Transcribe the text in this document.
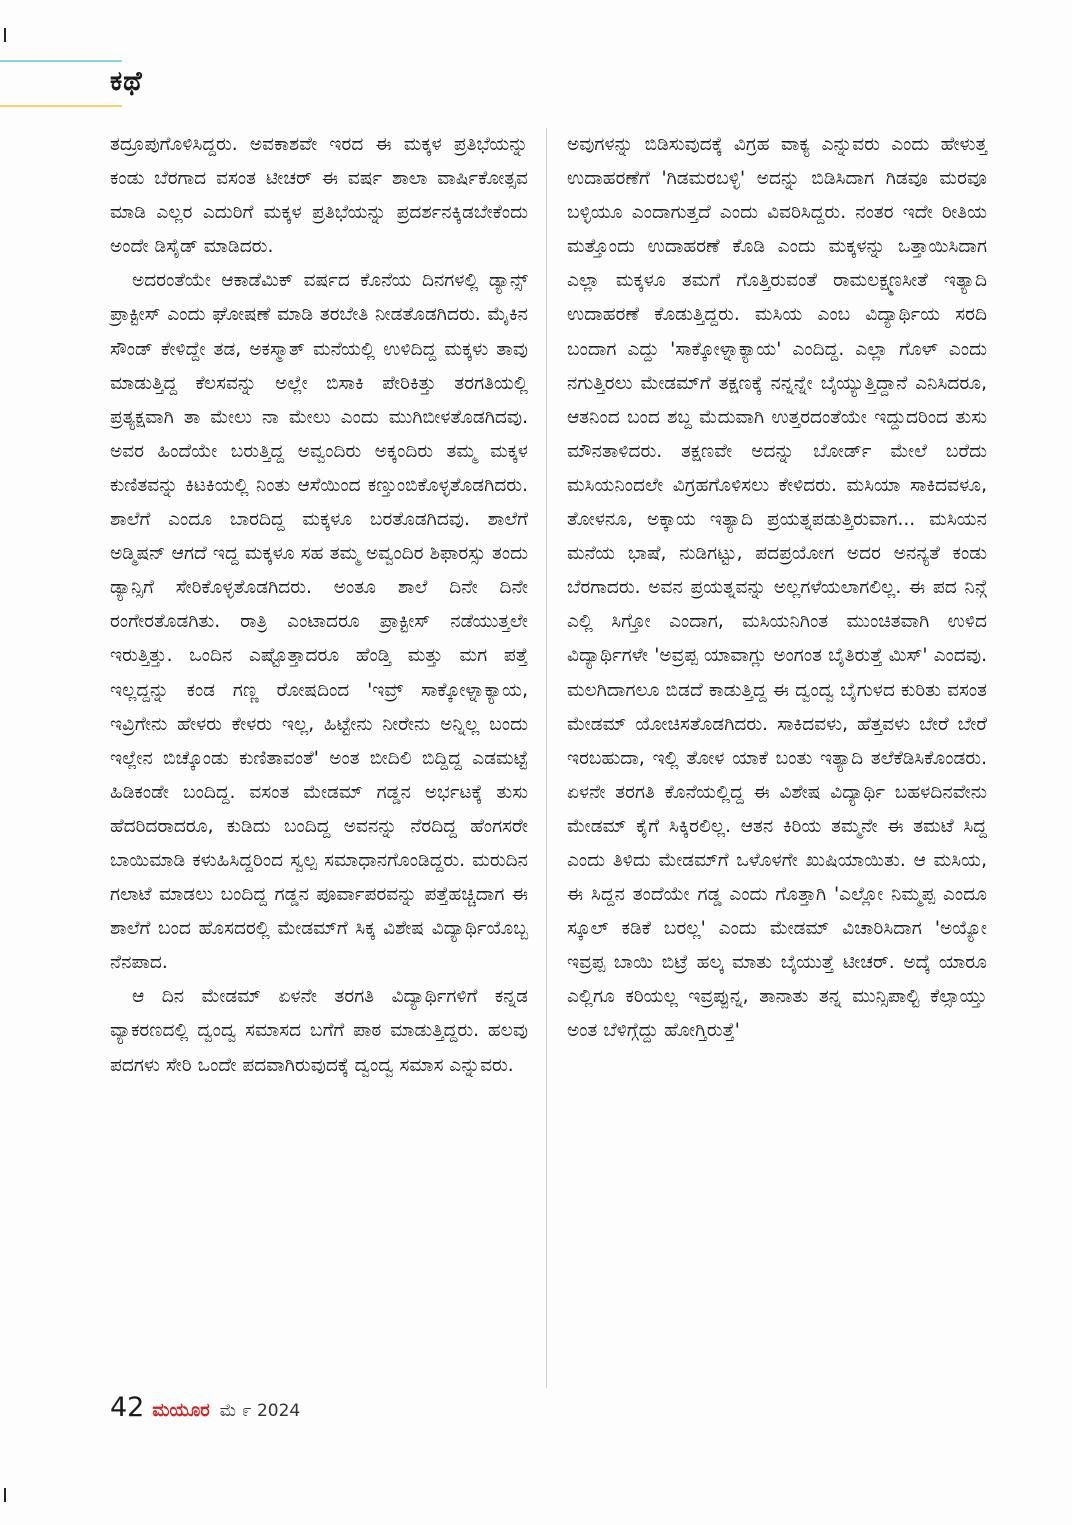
ಕಥೆ

ತದ್ರೂಪುಗೊಳಿಸಿದ್ದರು. ಅವಕಾಶವೇ ಇರದ ಈ ಮಕ್ಕಳ ಪ್ರತಿಭೆಯನ್ನು ಕಂಡು ಬೆರಗಾದ ವಸಂತ ಟೀಚರ್ ಈ ವರ್ಷ ಶಾಲಾ ವಾರ್ಷಿಕೋತ್ಸವ ಮಾಡಿ ಎಲ್ಲರ ಎದುರಿಗೆ ಮಕ್ಕಳ ಪ್ರತಿಭೆಯನ್ನು ಪ್ರದರ್ಶನಕ್ಕಿಡಬೇಕೆಂದು ಅಂದೇ ಡಿಸೈಡ್ ಮಾಡಿದರು.

ಅದರಂತೆಯೇ ಆಕಾಡೆಮಿಕ್ ವರ್ಷದ ಕೊನೆಯ ದಿನಗಳಲ್ಲಿ ಡ್ಯಾನ್ಸ್ ಪ್ರಾಕ್ಟೀಸ್ ಎಂದು ಘೋಷಣೆ ಮಾಡಿ ತರಬೇತಿ ನೀಡತೊಡಗಿದರು. ಮೈಕಿನ ಸೌಂಡ್ ಕೇಳಿದ್ದೇ ತಡ, ಅಕಸ್ಮಾತ್ ಮನೆಯಲ್ಲಿ ಉಳಿದಿದ್ದ ಮಕ್ಕಳು ತಾವು ಮಾಡುತ್ತಿದ್ದ ಕೆಲಸವನ್ನು ಅಲ್ಲೇ ಬಿಸಾಕಿ ಪೇರಿಕಿತ್ತು ತರಗತಿಯಲ್ಲಿ ಪ್ರತ್ಯಕ್ಷವಾಗಿ ತಾ ಮೇಲು ನಾ ಮೇಲು ಎಂದು ಮುಗಿಬೀಳತೊಡಗಿದವು. ಅವರ ಹಿಂದೆಯೇ ಬರುತ್ತಿದ್ದ ಅವ್ವಂದಿರು ಅಕ್ಕಂದಿರು ತಮ್ಮ ಮಕ್ಕಳ ಕುಣಿತವನ್ನು ಕಿಟಕಿಯಲ್ಲಿ ನಿಂತು ಆಸೆಯಿಂದ ಕಣ್ತುಂಬಿಕೊಳ್ಳತೊಡಗಿದರು. ಶಾಲೆಗೆ ಎಂದೂ ಬಾರದಿದ್ದ ಮಕ್ಕಳೂ ಬರತೊಡಗಿದವು. ಶಾಲೆಗೆ ಅಡ್ಮಿಷನ್ ಆಗದೆ ಇದ್ದ ಮಕ್ಕಳೂ ಸಹ ತಮ್ಮ ಅವ್ವಂದಿರ ಶಿಫಾರಸ್ಸು ತಂದು ಡ್ಯಾನ್ಸಿಗೆ ಸೇರಿಕೊಳ್ಳತೊಡಗಿದರು. ಅಂತೂ ಶಾಲೆ ದಿನೇ ದಿನೇ ರಂಗೇರತೊಡಗಿತು. ರಾತ್ರಿ ಎಂಟಾದರೂ ಪ್ರಾಕ್ಟೀಸ್ ನಡೆಯುತ್ತಲೇ ಇರುತ್ತಿತ್ತು. ಒಂದಿನ ಎಷ್ಟೊತ್ತಾದರೂ ಹೆಂಡ್ತಿ ಮತ್ತು ಮಗ ಪತ್ತೆ ಇಲ್ಲದ್ದನ್ನು ಕಂಡ ಗಣ್ಣ ರೋಷದಿಂದ 'ಇವ್ರ್ ಸಾಕ್ಕೋಳ್ನಾಕ್ಯಾಯ, ಇವ್ರಿಗೇನು ಹೇಳರು ಕೇಳರು ಇಲ್ಲ, ಹಿಟ್ಟೇನು ನೀರೇನು ಅನ್ನಿಲ್ಲ ಬಂದು ಇಲ್ಲೇನ ಬಿಚ್ಕೊಂಡು ಕುಣಿತಾವಂತೆ' ಅಂತ ಬೀದಿಲಿ ಬಿದ್ದಿದ್ದ ಎಡಮಟ್ಟೆ ಹಿಡಿಕಂಡೇ ಬಂದಿದ್ದ. ವಸಂತ ಮೇಡಮ್ ಗಡ್ಡನ ಅರ್ಭಟಕ್ಕೆ ತುಸು ಹೆದರಿದರಾದರೂ, ಕುಡಿದು ಬಂದಿದ್ದ ಅವನನ್ನು ನೆರದಿದ್ದ ಹೆಂಗಸರೇ ಬಾಯಿಮಾಡಿ ಕಳುಹಿಸಿದ್ದರಿಂದ ಸ್ವಲ್ಪ ಸಮಾಧಾನಗೊಂಡಿದ್ದರು. ಮರುದಿನ ಗಲಾಟೆ ಮಾಡಲು ಬಂದಿದ್ದ ಗಡ್ಡನ ಪೂರ್ವಾಪರವನ್ನು ಪತ್ತೆಹಚ್ಚಿದಾಗ ಈ ಶಾಲೆಗೆ ಬಂದ ಹೊಸದರಲ್ಲಿ ಮೇಡಮ್‌ಗೆ ಸಿಕ್ಕ ವಿಶೇಷ ವಿದ್ಯಾರ್ಥಿಯೊಬ್ಬ ನೆನಪಾದ.

ಆ ದಿನ ಮೇಡಮ್ ಏಳನೇ ತರಗತಿ ವಿದ್ಯಾರ್ಥಿಗಳಿಗೆ ಕನ್ನಡ ವ್ಯಾಕರಣದಲ್ಲಿ ದ್ವಂದ್ವ ಸಮಾಸದ ಬಗೆಗೆ ಪಾಠ ಮಾಡುತ್ತಿದ್ದರು. ಹಲವು ಪದಗಳು ಸೇರಿ ಒಂದೇ ಪದವಾಗಿರುವುದಕ್ಕೆ ದ್ವಂದ್ವ ಸಮಾಸ ಎನ್ನುವರು.

ಅವುಗಳನ್ನು ಬಿಡಿಸುವುದಕ್ಕೆ ವಿಗ್ರಹ ವಾಕ್ಯ ಎನ್ನುವರು ಎಂದು ಹೇಳುತ್ತ ಉದಾಹರಣೆಗೆ 'ಗಿಡಮರಬಳ್ಳಿ' ಅದನ್ನು ಬಿಡಿಸಿದಾಗ ಗಿಡವೂ ಮರವೂ ಬಳ್ಳಿಯೂ ಎಂದಾಗುತ್ತದೆ ಎಂದು ವಿವರಿಸಿದ್ದರು. ನಂತರ ಇದೇ ರೀತಿಯ ಮತ್ತೊಂದು ಉದಾಹರಣೆ ಕೊಡಿ ಎಂದು ಮಕ್ಕಳನ್ನು ಒತ್ತಾಯಿಸಿದಾಗ ಎಲ್ಲಾ ಮಕ್ಕಳೂ ತಮಗೆ ಗೊತ್ತಿರುವಂತೆ ರಾಮಲಕ್ಷ್ಮಣಸೀತೆ ಇತ್ಯಾದಿ ಉದಾಹರಣೆ ಕೊಡುತ್ತಿದ್ದರು. ಮಸಿಯ ಎಂಬ ವಿದ್ಯಾರ್ಥಿಯ ಸರದಿ ಬಂದಾಗ ಎದ್ದು 'ಸಾಕ್ಕೋಳ್ನಾಕ್ಯಾಯ' ಎಂದಿದ್ದ. ಎಲ್ಲಾ ಗೊಳ್ ಎಂದು ನಗುತ್ತಿರಲು ಮೇಡಮ್‌ಗೆ ತಕ್ಷಣಕ್ಕೆ ನನ್ನನ್ನೇ ಬೈಯ್ಯುತ್ತಿದ್ದಾನೆ ಎನಿಸಿದರೂ, ಆತನಿಂದ ಬಂದ ಶಬ್ದ ಮೆದುವಾಗಿ ಉತ್ತರದಂತೆಯೇ ಇದ್ದುದರಿಂದ ತುಸು ಮೌನತಾಳಿದರು. ತಕ್ಷಣವೇ ಅದನ್ನು ಬೋರ್ಡ್ ಮೇಲೆ ಬರೆದು ಮಸಿಯನಿಂದಲೇ ವಿಗ್ರಹಗೊಳಿಸಲು ಕೇಳಿದರು. ಮಸಿಯಾ ಸಾಕಿದವಳೂ, ತೋಳನೂ, ಅಕ್ಕಾಯ ಇತ್ಯಾದಿ ಪ್ರಯತ್ನಪಡುತ್ತಿರುವಾಗ... ಮಸಿಯನ ಮನೆಯ ಭಾಷೆ, ನುಡಿಗಟ್ಟು, ಪದಪ್ರಯೋಗ ಅದರ ಅನನ್ಯತೆ ಕಂಡು ಬೆರಗಾದರು. ಅವನ ಪ್ರಯತ್ನವನ್ನು ಅಲ್ಲಗಳೆಯಲಾಗಲಿಲ್ಲ. ಈ ಪದ ನಿನ್ಗೆ ಎಲ್ಲಿ ಸಿಗ್ತೋ ಎಂದಾಗ, ಮಸಿಯನಿಗಿಂತ ಮುಂಚಿತವಾಗಿ ಉಳಿದ ವಿದ್ಯಾರ್ಥಿಗಳೇ 'ಅವ್ರಪ್ಪ ಯಾವಾಗ್ಲು ಅಂಗಂತ ಬೈತಿರುತ್ತೆ ಮಿಸ್' ಎಂದವು. ಮಲಗಿದಾಗಲೂ ಬಿಡದೆ ಕಾಡುತ್ತಿದ್ದ ಈ ದ್ವಂದ್ವ ಬೈಗುಳದ ಕುರಿತು ವಸಂತ ಮೇಡಮ್ ಯೋಚಿಸತೊಡಗಿದರು. ಸಾಕಿದವಳು, ಹೆತ್ತವಳು ಬೇರೆ ಬೇರೆ ಇರಬಹುದಾ, ಇಲ್ಲಿ ತೋಳ ಯಾಕೆ ಬಂತು ಇತ್ಯಾದಿ ತಲೆಕೆಡಿಸಿಕೊಂಡರು. ಏಳನೇ ತರಗತಿ ಕೊನೆಯಲ್ಲಿದ್ದ ಈ ವಿಶೇಷ ವಿದ್ಯಾರ್ಥಿ ಬಹಳದಿನವೇನು ಮೇಡಮ್ ಕೈಗೆ ಸಿಕ್ಕಿರಲಿಲ್ಲ. ಆತನ ಕಿರಿಯ ತಮ್ಮನೇ ಈ ತಮಟೆ ಸಿದ್ದ ಎಂದು ತಿಳಿದು ಮೇಡಮ್‌ಗೆ ಒಳೊಳಗೇ ಖುಷಿಯಾಯಿತು. ಆ ಮಸಿಯ, ಈ ಸಿದ್ದನ ತಂದೆಯೇ ಗಡ್ಡ ಎಂದು ಗೊತ್ತಾಗಿ 'ಎಲ್ಲೋ ನಿಮ್ಮಪ್ಪ ಎಂದೂ ಸ್ಕೂಲ್ ಕಡಿಕೆ ಬರಲ್ಲ' ಎಂದು ಮೇಡಮ್ ವಿಚಾರಿಸಿದಾಗ 'ಅಯ್ಯೋ ಇವ್ರಪ್ಪ ಬಾಯಿ ಬಿಟ್ರೆ ಹಲ್ಕ ಮಾತು ಬೈಯುತ್ತೆ ಟೀಚರ್. ಅದ್ಕೆ ಯಾರೂ ಎಲ್ಲಿಗೂ ಕರಿಯಲ್ಲ ಇವ್ರಪ್ಪುನ್ನ, ತಾನಾತು ತನ್ನ ಮುನ್ಸಿಪಾಲ್ಟಿ ಕೆಲ್ಸಾಯ್ತು ಅಂತ ಬೆಳಿಗ್ಗೆದ್ದು ಹೋಗ್ತಿರುತ್ತೆ'

42 ಮಯೂರ ಮೆ ೯ 2024
